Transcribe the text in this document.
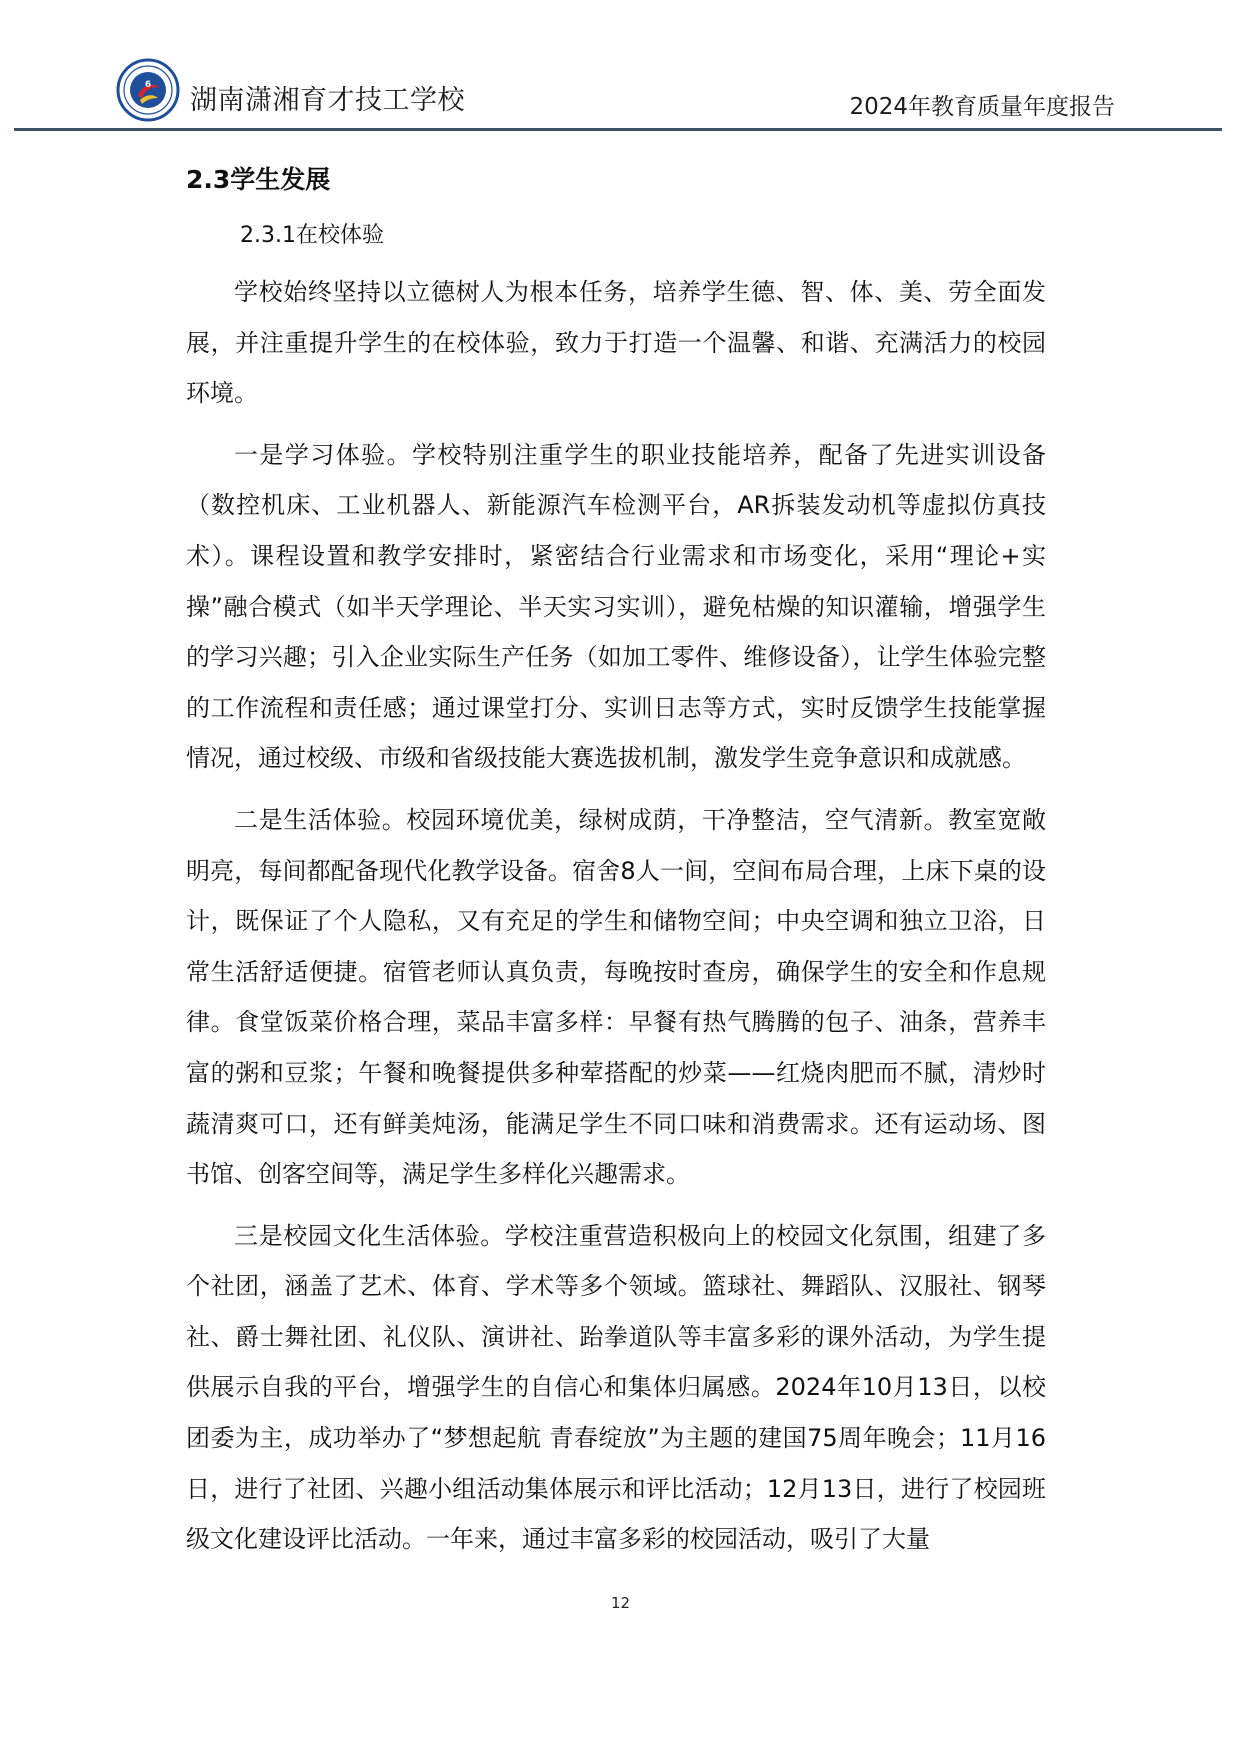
6 湖南潇湘育才技工学校	2024年教育质量年度报告
2.3学生发展
2.3.1在校体验

学校始终坚持以立德树人为根本任务，培养学生德、智、体、美、劳全面发展，并注重提升学生的在校体验，致力于打造一个温馨、和谐、充满活力的校园环境。

一是学习体验。学校特别注重学生的职业技能培养，配备了先进实训设备（数控机床、工业机器人、新能源汽车检测平台，AR拆装发动机等虚拟仿真技术）。课程设置和教学安排时，紧密结合行业需求和市场变化，采用“理论+实操”融合模式（如半天学理论、半天实习实训），避免枯燥的知识灌输，增强学生的学习兴趣；引入企业实际生产任务（如加工零件、维修设备），让学生体验完整的工作流程和责任感；通过课堂打分、实训日志等方式，实时反馈学生技能掌握情况，通过校级、市级和省级技能大赛选拔机制，激发学生竞争意识和成就感。

二是生活体验。校园环境优美，绿树成荫，干净整洁，空气清新。教室宽敞明亮，每间都配备现代化教学设备。宿舍8人一间，空间布局合理，上床下桌的设计，既保证了个人隐私，又有充足的学生和储物空间；中央空调和独立卫浴，日常生活舒适便捷。宿管老师认真负责，每晚按时查房，确保学生的安全和作息规律。食堂饭菜价格合理，菜品丰富多样：早餐有热气腾腾的包子、油条，营养丰富的粥和豆浆；午餐和晚餐提供多种荤搭配的炒菜——红烧肉肥而不腻，清炒时蔬清爽可口，还有鲜美炖汤，能满足学生不同口味和消费需求。还有运动场、图书馆、创客空间等，满足学生多样化兴趣需求。

三是校园文化生活体验。学校注重营造积极向上的校园文化氛围，组建了多个社团，涵盖了艺术、体育、学术等多个领域。篮球社、舞蹈队、汉服社、钢琴社、爵士舞社团、礼仪队、演讲社、跆拳道队等丰富多彩的课外活动，为学生提供展示自我的平台，增强学生的自信心和集体归属感。2024年10月13日，以校团委为主，成功举办了“梦想起航 青春绽放”为主题的建国75周年晚会；11月16日，进行了社团、兴趣小组活动集体展示和评比活动；12月13日，进行了校园班级文化建设评比活动。一年来，通过丰富多彩的校园活动，吸引了大量

12
